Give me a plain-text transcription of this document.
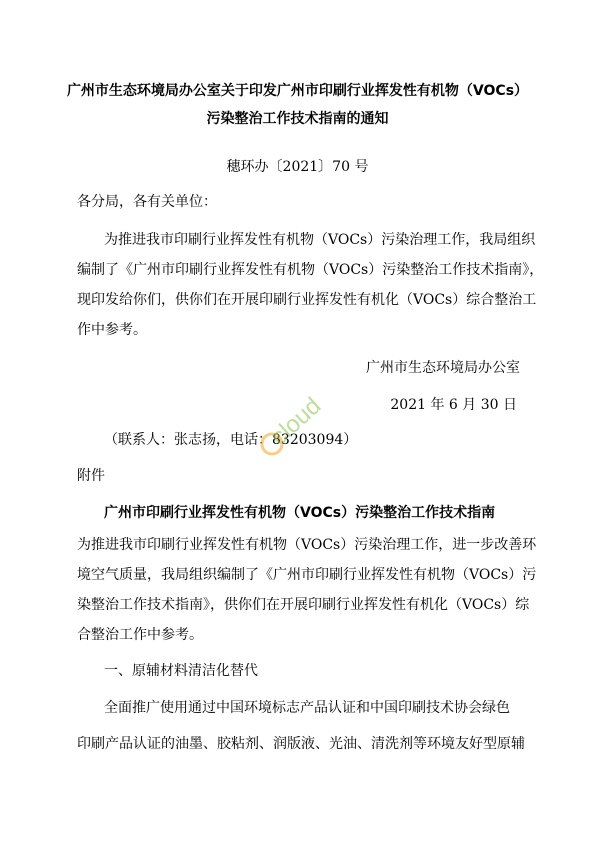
广州市生态环境局办公室关于印发广州市印刷行业挥发性有机物（VOCs）
污染整治工作技术指南的通知
穗环办〔2021〕70 号
各分局，各有关单位：
为推进我市印刷行业挥发性有机物（VOCs）污染治理工作，我局组织
编制了《广州市印刷行业挥发性有机物（VOCs）污染整治工作技术指南》，
现印发给你们，供你们在开展印刷行业挥发性有机化（VOCs）综合整治工
作中参考。
广州市生态环境局办公室
2021 年 6 月 30 日
（联系人：张志扬，电话：83203094）
附件
广州市印刷行业挥发性有机物（VOCs）污染整治工作技术指南
为推进我市印刷行业挥发性有机物（VOCs）污染治理工作，进一步改善环
境空气质量，我局组织编制了《广州市印刷行业挥发性有机物（VOCs）污
染整治工作技术指南》，供你们在开展印刷行业挥发性有机化（VOCs）综
合整治工作中参考。
一、原辅材料清洁化替代
全面推广使用通过中国环境标志产品认证和中国印刷技术协会绿色
印刷产品认证的油墨、胶粘剂、润版液、光油、清洗剂等环境友好型原辅
cloud
